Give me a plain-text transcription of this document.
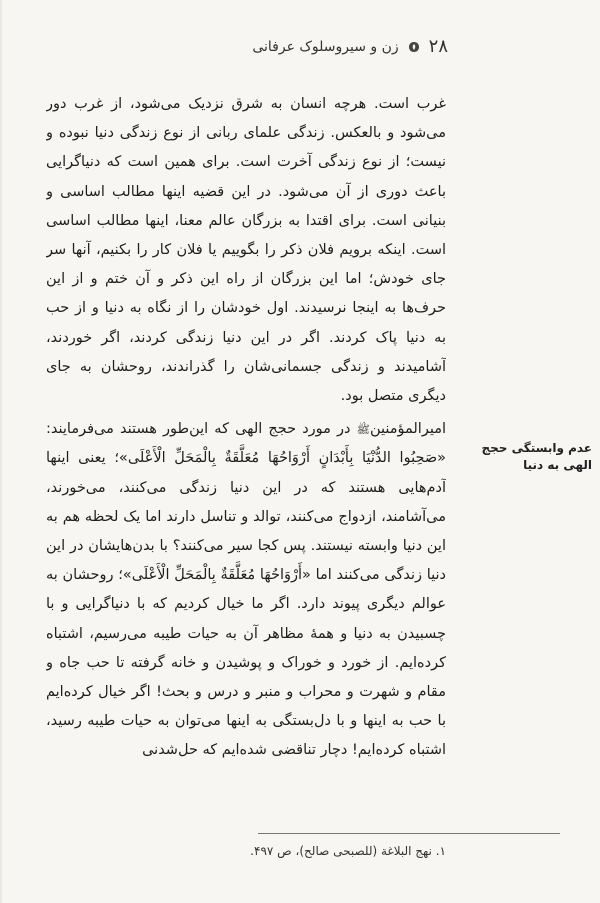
۲۸
زن و سیروسلوک عرفانی

غرب است. هرچه انسان به شرق نزدیک می‌شود، از غرب دور می‌شود و بالعکس. زندگی علمای ربانی از نوع زندگی دنیا نبوده و نیست؛ از نوع زندگی آخرت است. برای همین است که دنیاگرایی باعث دوری از آن می‌شود. در این قضیه اینها مطالب اساسی و بنیانی است. برای اقتدا به بزرگان عالم معنا، اینها مطالب اساسی است. اینکه برویم فلان ذکر را بگوییم یا فلان کار را بکنیم، آنها سر جای خودش؛ اما این بزرگان از راه این ذکر و آن ختم و از این حرف‌ها به اینجا نرسیدند. اول خودشان را از نگاه به دنیا و از حب به دنیا پاک کردند. اگر در این دنیا زندگی کردند، اگر خوردند، آشامیدند و زندگی جسمانی‌شان را گذراندند، روحشان به جای دیگری متصل بود.

امیرالمؤمنینﷺ در مورد حجج الهی که این‌طور هستند می‌فرمایند: «صَحِبُوا الدُّنْيَا بِأَبْدَانٍ أَرْوَاحُهَا مُعَلَّقَةٌ بِالْمَحَلِّ الْأَعْلَى»؛ یعنی اینها آدم‌هایی هستند که در این دنیا زندگی می‌کنند، می‌خورند، می‌آشامند، ازدواج می‌کنند، توالد و تناسل دارند اما یک لحظه هم به این دنیا وابسته نیستند. پس کجا سیر می‌کنند؟ با بدن‌هایشان در این دنیا زندگی می‌کنند اما «أَرْوَاحُهَا مُعَلَّقَةٌ بِالْمَحَلِّ الْأَعْلَى»؛ روحشان به عوالم دیگری پیوند دارد. اگر ما خیال کردیم که با دنیاگرایی و با چسبیدن به دنیا و همهٔ مظاهر آن به حیات طیبه می‌رسیم، اشتباه کرده‌ایم. از خورد و خوراک و پوشیدن و خانه گرفته تا حب جاه و مقام و شهرت و محراب و منبر و درس و بحث! اگر خیال کرده‌ایم با حب به اینها و با دل‌بستگی به اینها می‌توان به حیات طیبه رسید، اشتباه کرده‌ایم! دچار تناقضی شده‌ایم که حل‌شدنی

عدم وابستگی حجج الهی به دنیا
۱. نهج البلاغة (للصبحی صالح)، ص ۴۹۷.
